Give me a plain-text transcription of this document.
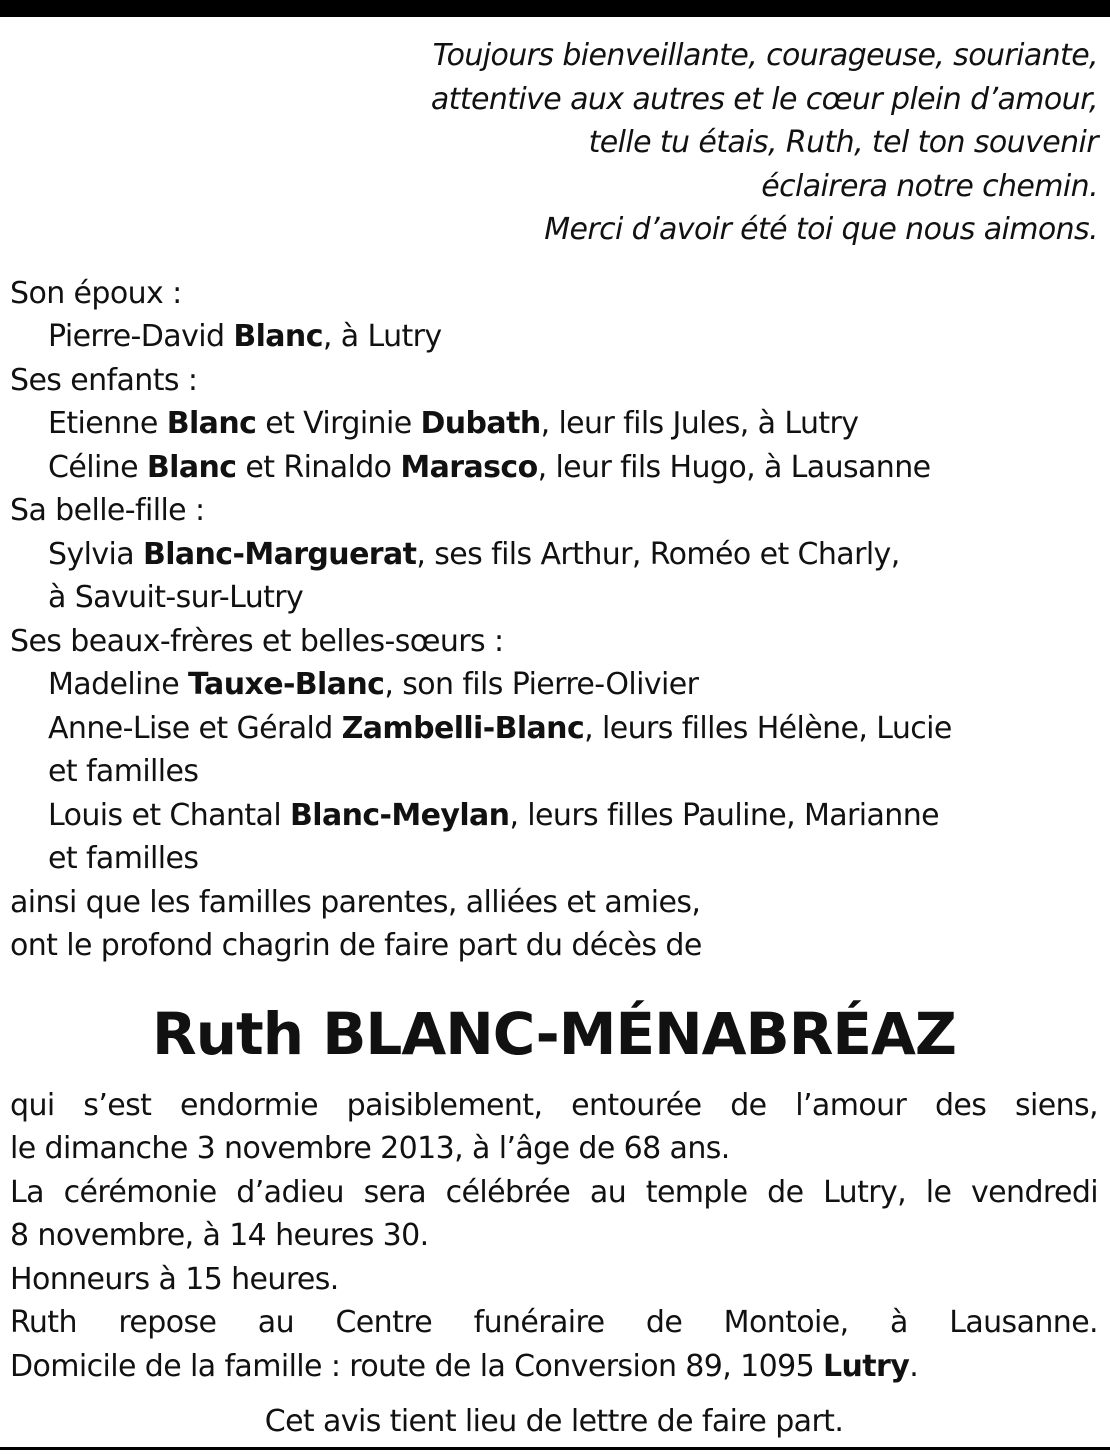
Toujours bienveillante, courageuse, souriante,
attentive aux autres et le cœur plein d’amour,
telle tu étais, Ruth, tel ton souvenir
éclairera notre chemin.
Merci d’avoir été toi que nous aimons.
Son époux :
Pierre-David Blanc, à Lutry
Ses enfants :
Etienne Blanc et Virginie Dubath, leur fils Jules, à Lutry
Céline Blanc et Rinaldo Marasco, leur fils Hugo, à Lausanne
Sa belle-fille :
Sylvia Blanc-Marguerat, ses fils Arthur, Roméo et Charly,
à Savuit-sur-Lutry
Ses beaux-frères et belles-sœurs :
Madeline Tauxe-Blanc, son fils Pierre-Olivier
Anne-Lise et Gérald Zambelli-Blanc, leurs filles Hélène, Lucie
et familles
Louis et Chantal Blanc-Meylan, leurs filles Pauline, Marianne
et familles
ainsi que les familles parentes, alliées et amies,
ont le profond chagrin de faire part du décès de
Ruth BLANC-MÉNABRÉAZ
qui s’est endormie paisiblement, entourée de l’amour des siens,
le dimanche 3 novembre 2013, à l’âge de 68 ans.
La cérémonie d’adieu sera célébrée au temple de Lutry, le vendredi
8 novembre, à 14 heures 30.
Honneurs à 15 heures.
Ruth repose au Centre funéraire de Montoie, à Lausanne.
Domicile de la famille : route de la Conversion 89, 1095 Lutry.
Cet avis tient lieu de lettre de faire part.
